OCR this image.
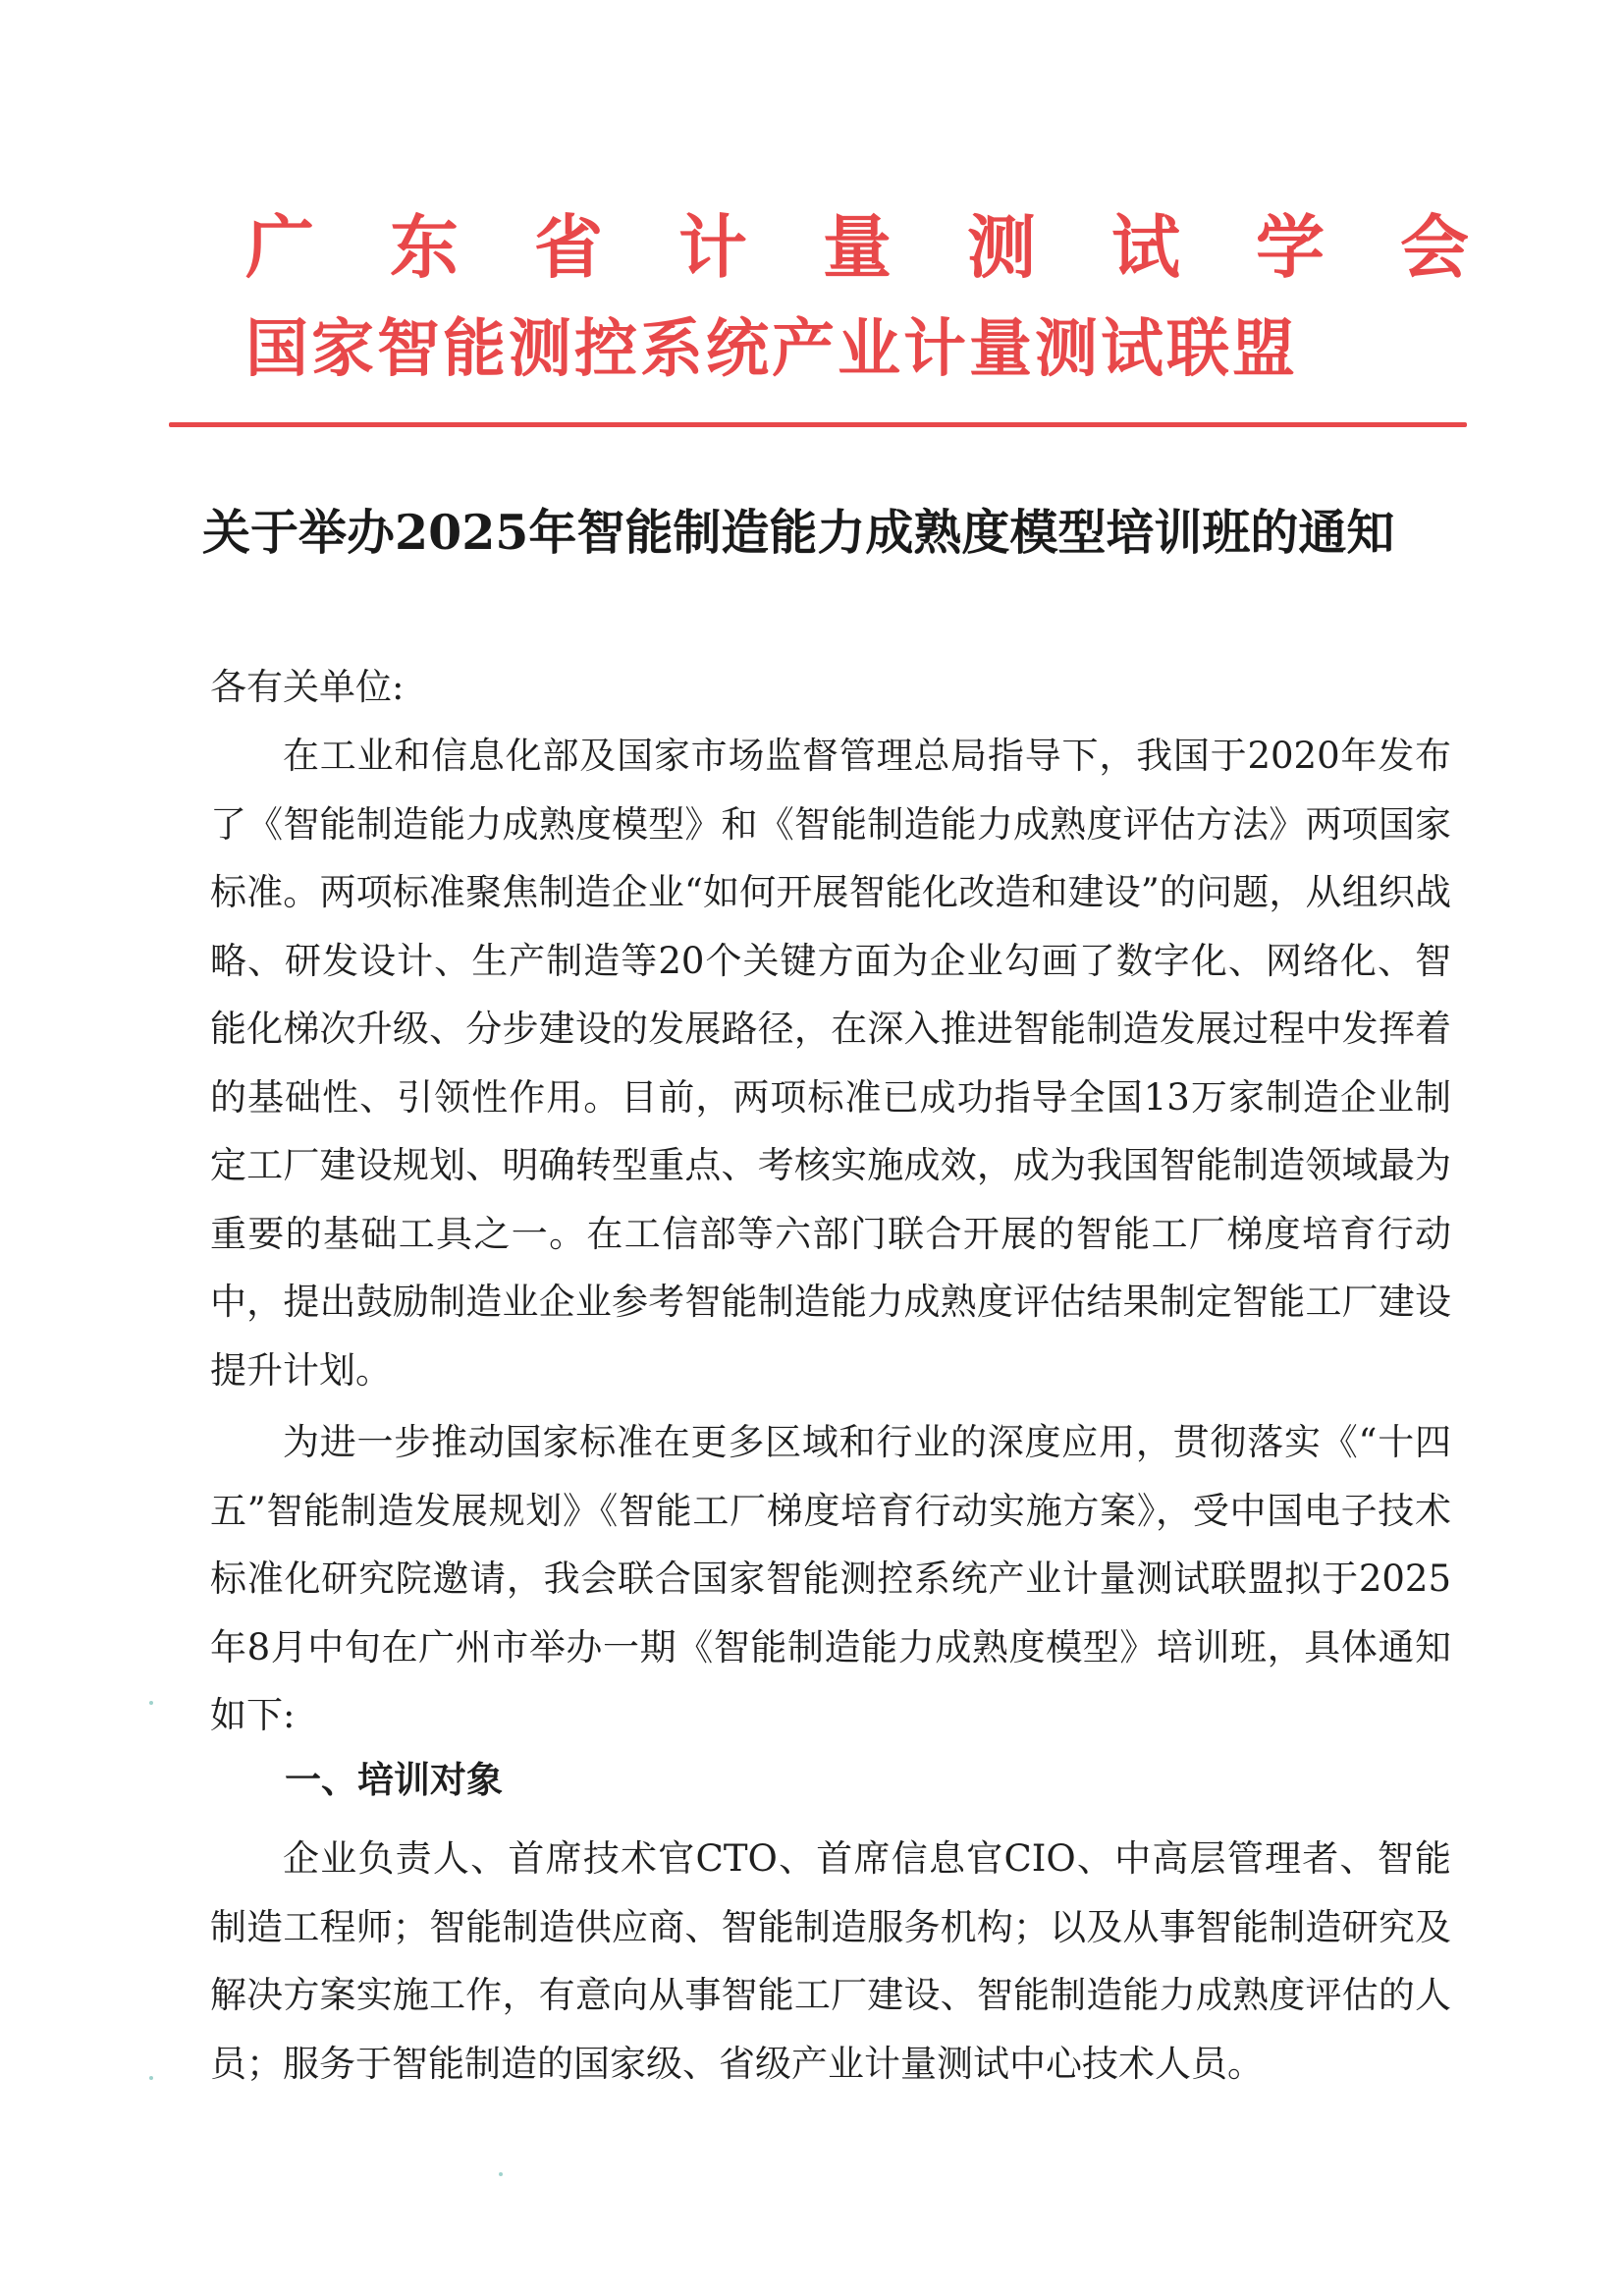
广东省计量测试学会
国家智能测控系统产业计量测试联盟
关于举办2025年智能制造能力成熟度模型培训班的通知
各有关单位:
在工业和信息化部及国家市场监督管理总局指导下，我国于2020年发布了《智能制造能力成熟度模型》和《智能制造能力成熟度评估方法》两项国家标准。两项标准聚焦制造企业“如何开展智能化改造和建设”的问题，从组织战略、研发设计、生产制造等20个关键方面为企业勾画了数字化、网络化、智能化梯次升级、分步建设的发展路径，在深入推进智能制造发展过程中发挥着的基础性、引领性作用。目前，两项标准已成功指导全国13万家制造企业制定工厂建设规划、明确转型重点、考核实施成效，成为我国智能制造领域最为重要的基础工具之一。在工信部等六部门联合开展的智能工厂梯度培育行动中，提出鼓励制造业企业参考智能制造能力成熟度评估结果制定智能工厂建设提升计划。
为进一步推动国家标准在更多区域和行业的深度应用，贯彻落实《“十四五”智能制造发展规划》《智能工厂梯度培育行动实施方案》，受中国电子技术标准化研究院邀请，我会联合国家智能测控系统产业计量测试联盟拟于2025年8月中旬在广州市举办一期《智能制造能力成熟度模型》培训班，具体通知如下:
一、培训对象
企业负责人、首席技术官CTO、首席信息官CIO、中高层管理者、智能制造工程师；智能制造供应商、智能制造服务机构；以及从事智能制造研究及解决方案实施工作，有意向从事智能工厂建设、智能制造能力成熟度评估的人员；服务于智能制造的国家级、省级产业计量测试中心技术人员。
